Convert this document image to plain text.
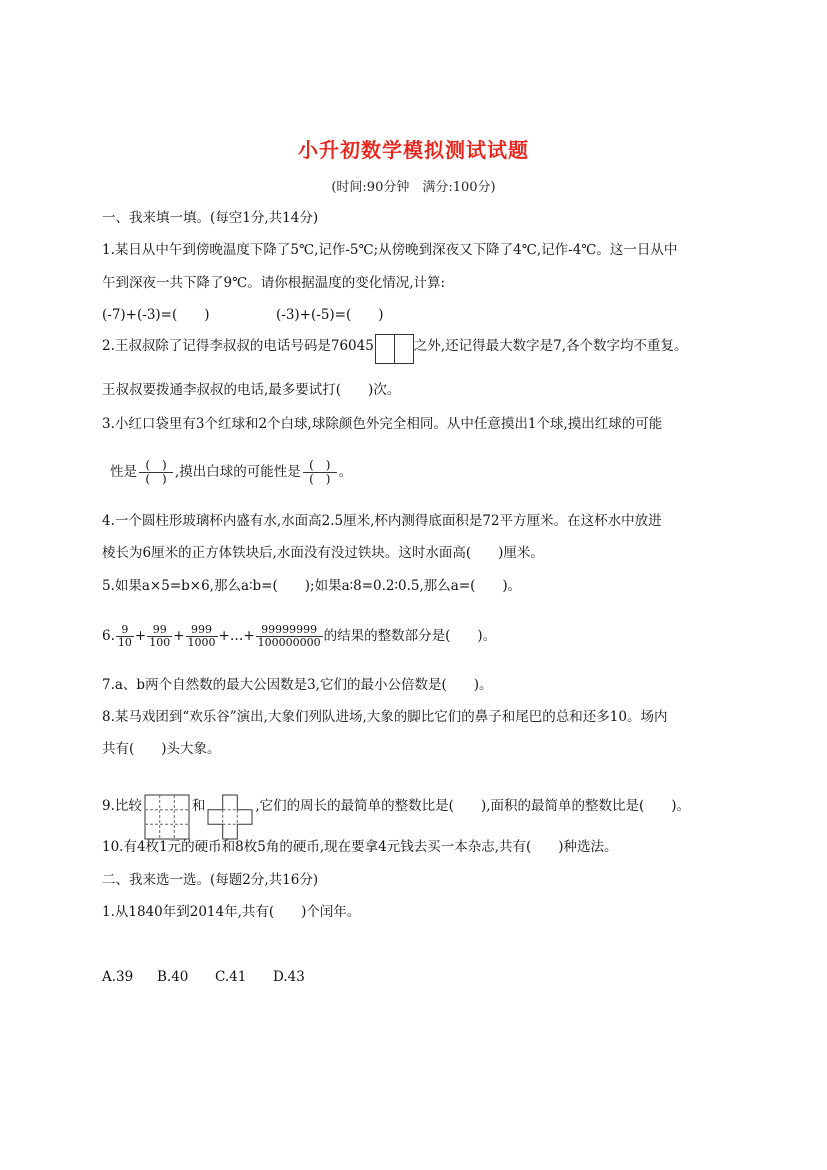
小升初数学模拟测试试题
(时间:90分钟　满分:100分)
一、我来填一填。(每空1分,共14分)
1.某日从中午到傍晚温度下降了5℃,记作-5℃;从傍晚到深夜又下降了4℃,记作-4℃。这一日从中
午到深夜一共下降了9℃。请你根据温度的变化情况,计算:
(-7)+(-3)=(　　)	(-3)+(-5)=(　　)
2.王叔叔除了记得李叔叔的电话号码是76045	之外,还记得最大数字是7,各个数字均不重复。
王叔叔要拨通李叔叔的电话,最多要试打(　　)次。
3.小红口袋里有3个红球和2个白球,球除颜色外完全相同。从中任意摸出1个球,摸出红球的可能
性是 $\frac{( )}{( )}$ ,摸出白球的可能性是 $\frac{( )}{( )}$ 。
4.一个圆柱形玻璃杯内盛有水,水面高2.5厘米,杯内测得底面积是72平方厘米。在这杯水中放进
棱长为6厘米的正方体铁块后,水面没有没过铁块。这时水面高(　　)厘米。
5.如果a×5=b×6,那么a∶b=(　　);如果a∶8=0.2∶0.5,那么a=(　　)。
6. $\frac{9}{10} + \frac{99}{100} + \frac{999}{1000}$ +…+ $\frac{99999999}{100000000}$ 的结果的整数部分是(　　)。
7.a、b两个自然数的最大公因数是3,它们的最小公倍数是(　　)。
8.某马戏团到“欢乐谷”演出,大象们列队进场,大象的脚比它们的鼻子和尾巴的总和还多10。场内
共有(　　)头大象。
9.比较	和	,它们的周长的最简单的整数比是(　　),面积的最简单的整数比是(　　)。
10.有4枚1元的硬币和8枚5角的硬币,现在要拿4元钱去买一本杂志,共有(　　)种选法。
二、我来选一选。(每题2分,共16分)
1.从1840年到2014年,共有(　　)个闰年。
A.39 B.40 C.41 D.43
